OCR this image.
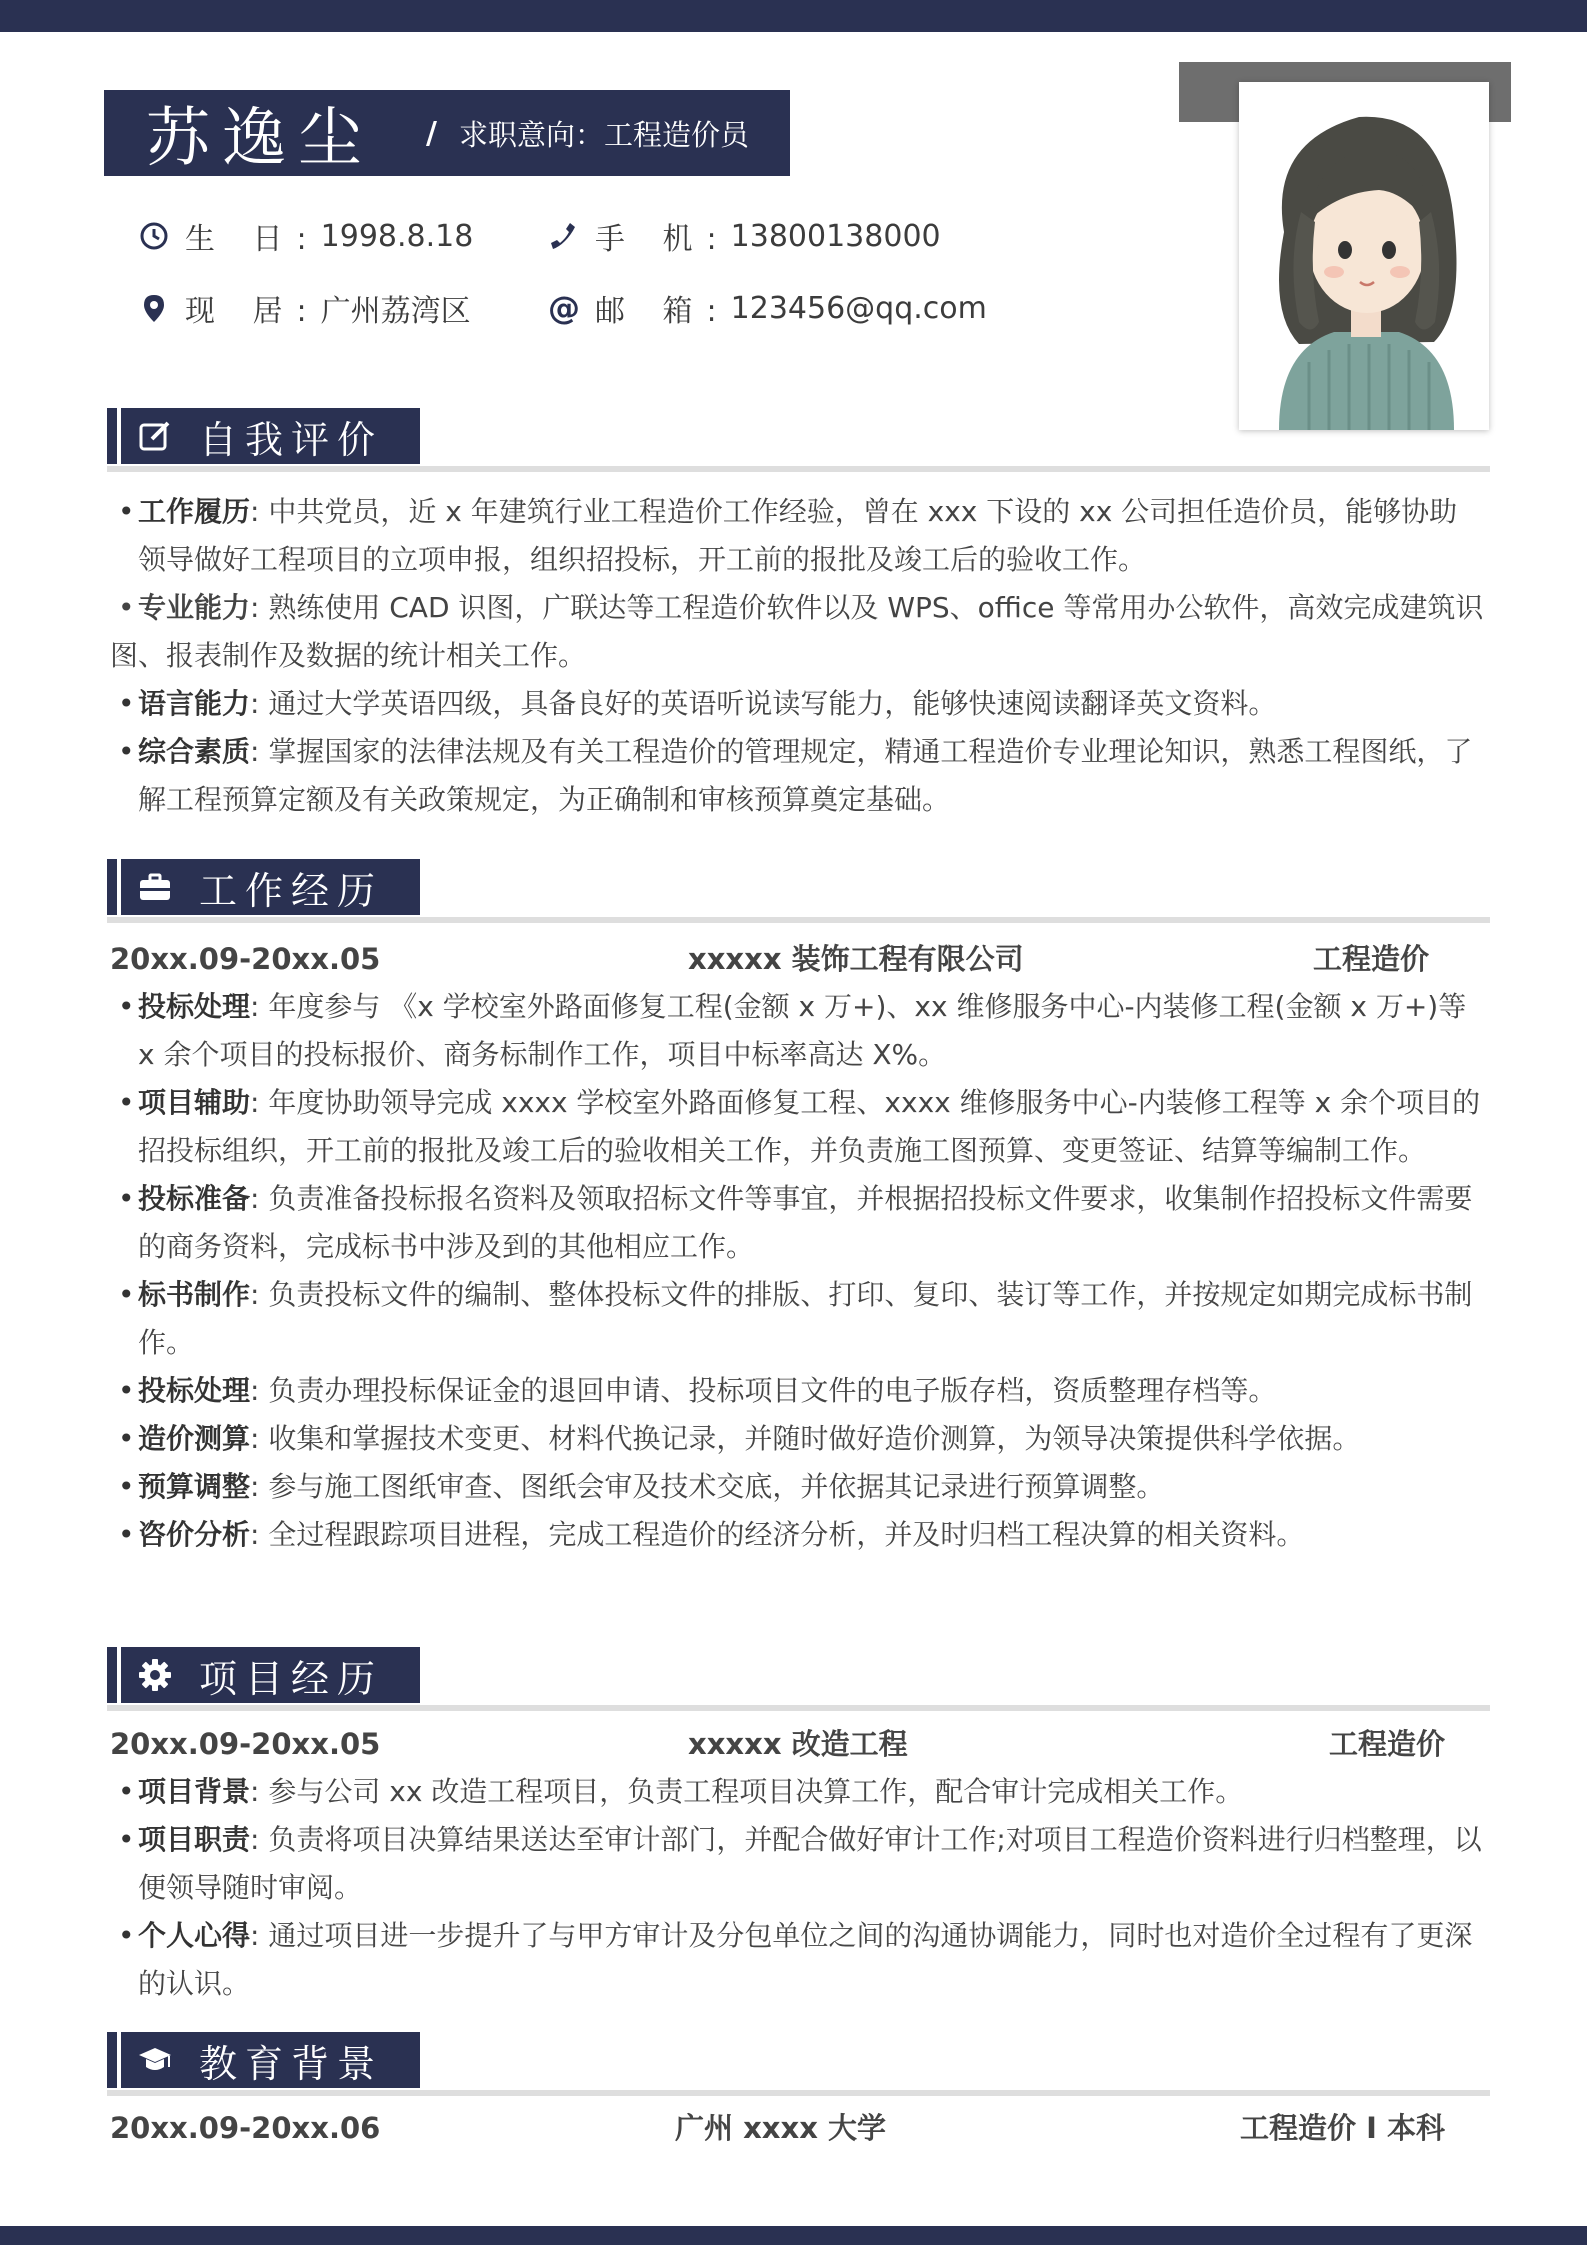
苏逸尘	/ 求职意向：工程造价员
生 日: 1998.8.18	手 机: 13800138000
现 居: 广州荔湾区 @ 邮 箱: 123456@qq.com
自我评价
• 工作履历: 中共党员，近 x 年建筑行业工程造价工作经验，曾在 xxx 下设的 xx 公司担任造价员，能够协助领导做好工程项目的立项申报，组织招投标，开工前的报批及竣工后的验收工作。
• 专业能力: 熟练使用 CAD 识图，广联达等工程造价软件以及 WPS、office 等常用办公软件，高效完成建筑识图、报表制作及数据的统计相关工作。
• 语言能力: 通过大学英语四级，具备良好的英语听说读写能力，能够快速阅读翻译英文资料。
• 综合素质: 掌握国家的法律法规及有关工程造价的管理规定，精通工程造价专业理论知识，熟悉工程图纸，了解工程预算定额及有关政策规定，为正确制和审核预算奠定基础。
工作经历
20xx.09-20xx.05	xxxxx 装饰工程有限公司	工程造价
• 投标处理: 年度参与 《x 学校室外路面修复工程(金额 x 万+)、xx 维修服务中心-内装修工程(金额 x 万+)等 x 余个项目的投标报价、商务标制作工作，项目中标率高达 X%。
• 项目辅助: 年度协助领导完成 xxxx 学校室外路面修复工程、xxxx 维修服务中心-内装修工程等 x 余个项目的招投标组织，开工前的报批及竣工后的验收相关工作，并负责施工图预算、变更签证、结算等编制工作。
• 投标准备: 负责准备投标报名资料及领取招标文件等事宜，并根据招投标文件要求，收集制作招投标文件需要的商务资料，完成标书中涉及到的其他相应工作。
• 标书制作: 负责投标文件的编制、整体投标文件的排版、打印、复印、装订等工作，并按规定如期完成标书制作。
• 投标处理: 负责办理投标保证金的退回申请、投标项目文件的电子版存档，资质整理存档等。
• 造价测算: 收集和掌握技术变更、材料代换记录，并随时做好造价测算，为领导决策提供科学依据。
• 预算调整: 参与施工图纸审查、图纸会审及技术交底，并依据其记录进行预算调整。
• 咨价分析: 全过程跟踪项目进程，完成工程造价的经济分析，并及时归档工程决算的相关资料。
项目经历
20xx.09-20xx.05	xxxxx 改造工程	工程造价
• 项目背景: 参与公司 xx 改造工程项目，负责工程项目决算工作，配合审计完成相关工作。
• 项目职责: 负责将项目决算结果送达至审计部门，并配合做好审计工作;对项目工程造价资料进行归档整理，以便领导随时审阅。
• 个人心得: 通过项目进一步提升了与甲方审计及分包单位之间的沟通协调能力，同时也对造价全过程有了更深的认识。
教育背景
20xx.09-20xx.06	广州 xxxx 大学	工程造价 I 本科
